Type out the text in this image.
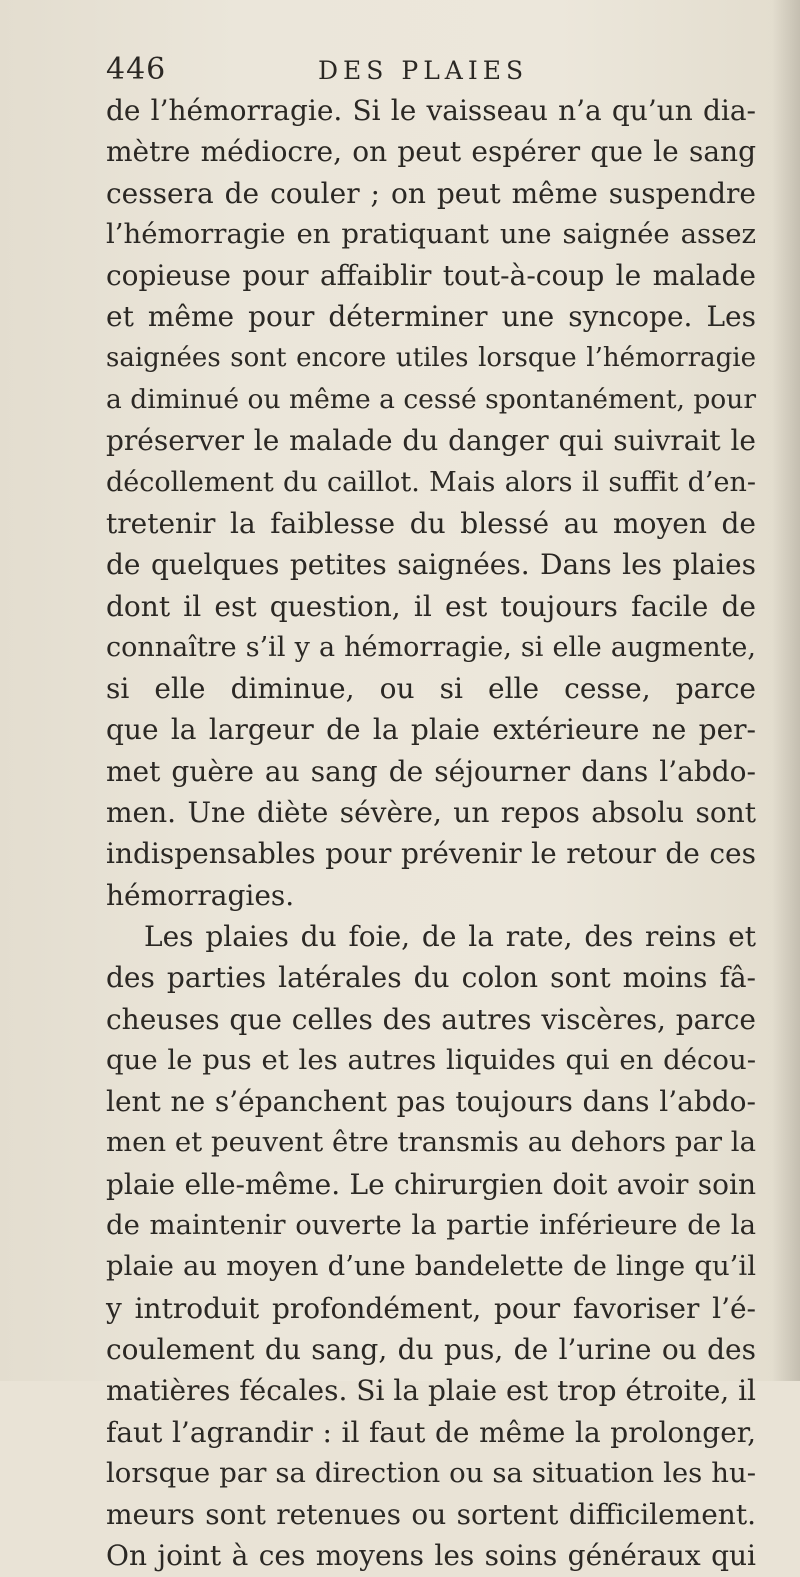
446	DES PLAIES
de l’hémorragie. Si le vaisseau n’a qu’un dia-
mètre médiocre, on peut espérer que le sang
cessera de couler ; on peut même suspendre
l’hémorragie en pratiquant une saignée assez
copieuse pour affaiblir tout-à-coup le malade
et même pour déterminer une syncope. Les
saignées sont encore utiles lorsque l’hémorragie
a diminué ou même a cessé spontanément, pour
préserver le malade du danger qui suivrait le
décollement du caillot. Mais alors il suffit d’en-
tretenir la faiblesse du blessé au moyen de
de quelques petites saignées. Dans les plaies
dont il est question, il est toujours facile de
connaître s’il y a hémorragie, si elle augmente,
si elle diminue, ou si elle cesse, parce
que la largeur de la plaie extérieure ne per-
met guère au sang de séjourner dans l’abdo-
men. Une diète sévère, un repos absolu sont
indispensables pour prévenir le retour de ces
hémorragies.
Les plaies du foie, de la rate, des reins et
des parties latérales du colon sont moins fâ-
cheuses que celles des autres viscères, parce
que le pus et les autres liquides qui en décou-
lent ne s’épanchent pas toujours dans l’abdo-
men et peuvent être transmis au dehors par la
plaie elle-même. Le chirurgien doit avoir soin
de maintenir ouverte la partie inférieure de la
plaie au moyen d’une bandelette de linge qu’il
y introduit profondément, pour favoriser l’é-
coulement du sang, du pus, de l’urine ou des
matières fécales. Si la plaie est trop étroite, il
faut l’agrandir : il faut de même la prolonger,
lorsque par sa direction ou sa situation les hu-
meurs sont retenues ou sortent difficilement.
On joint à ces moyens les soins généraux qui
